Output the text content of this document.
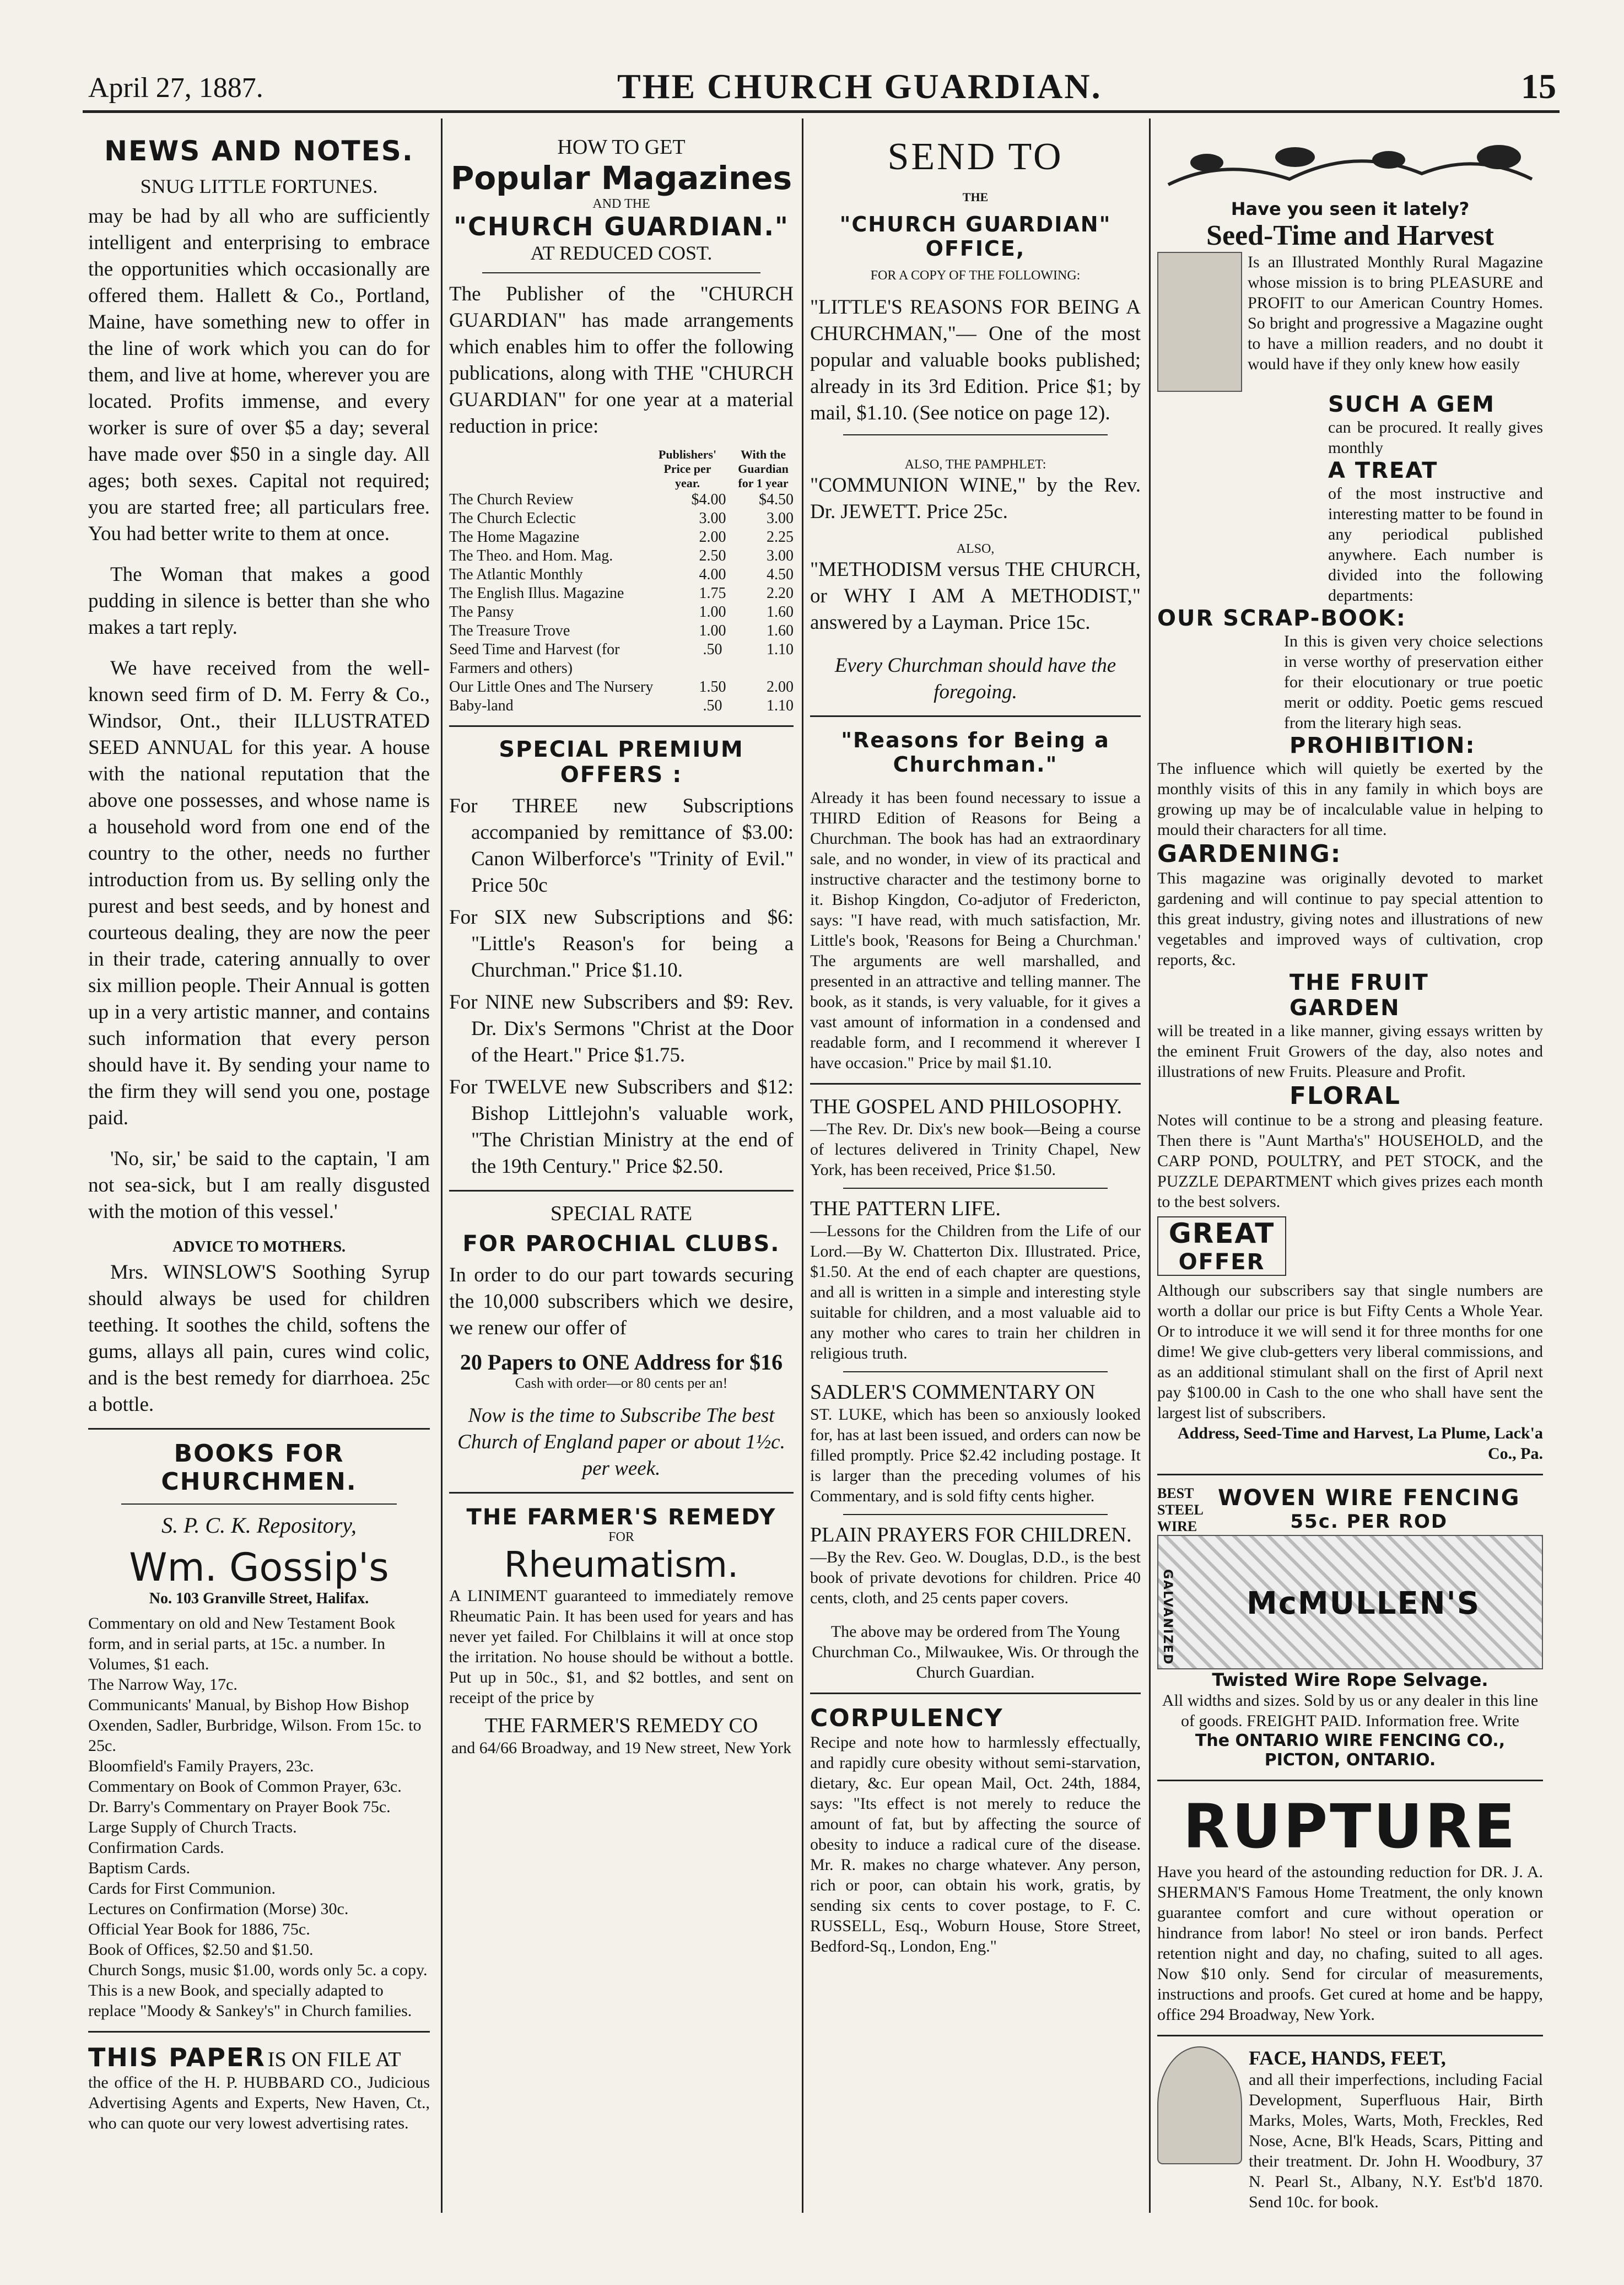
April 27, 1887.	THE CHURCH GUARDIAN.	15
NEWS AND NOTES.
SNUG LITTLE FORTUNES.

may be had by all who are sufficiently intelligent and enterprising to embrace the opportunities which occasionally are offered them. Hallett & Co., Portland, Maine, have something new to offer in the line of work which you can do for them, and live at home, wherever you are located. Profits immense, and every worker is sure of over $5 a day; several have made over $50 in a single day. All ages; both sexes. Capital not required; you are started free; all particulars free. You had better write to them at once.

The Woman that makes a good pudding in silence is better than she who makes a tart reply.

We have received from the well-known seed firm of D. M. Ferry & Co., Windsor, Ont., their ILLUSTRATED SEED ANNUAL for this year. A house with the national reputation that the above one possesses, and whose name is a household word from one end of the country to the other, needs no further introduction from us. By selling only the purest and best seeds, and by honest and courteous dealing, they are now the peer in their trade, catering annually to over six million people. Their Annual is gotten up in a very artistic manner, and contains such information that every person should have it. By sending your name to the firm they will send you one, postage paid.

'No, sir,' be said to the captain, 'I am not sea-sick, but I am really disgusted with the motion of this vessel.'

ADVICE TO MOTHERS.

Mrs. WINSLOW'S Soothing Syrup should always be used for children teething. It soothes the child, softens the gums, allays all pain, cures wind colic, and is the best remedy for diarrhoea. 25c a bottle.

BOOKS FOR CHURCHMEN.
S. P. C. K. Repository,
Wm. Gossip's
No. 103 Granville Street, Halifax.
Commentary on old and New Testament Book form, and in serial parts, at 15c. a number. In Volumes, $1 each.
The Narrow Way, 17c.
Communicants' Manual, by Bishop How Bishop Oxenden, Sadler, Burbridge, Wilson. From 15c. to 25c.
Bloomfield's Family Prayers, 23c.
Commentary on Book of Common Prayer, 63c.
Dr. Barry's Commentary on Prayer Book 75c.
Large Supply of Church Tracts.
Confirmation Cards.
Baptism Cards.
Cards for First Communion.
Lectures on Confirmation (Morse) 30c.
Official Year Book for 1886, 75c.
Book of Offices, $2.50 and $1.50.
Church Songs, music $1.00, words only 5c. a copy. This is a new Book, and specially adapted to replace "Moody & Sankey's" in Church families.
THIS PAPER IS ON FILE AT

the office of the H. P. HUBBARD CO., Judicious Advertising Agents and Experts, New Haven, Ct., who can quote our very lowest advertising rates.

HOW TO GET
Popular Magazines
AND THE
"CHURCH GUARDIAN."
AT REDUCED COST.

The Publisher of the "CHURCH GUARDIAN" has made arrangements which enables him to offer the following publications, along with THE "CHURCH GUARDIAN" for one year at a material reduction in price:

Publishers' Price per year.
With the Guardian for 1 year
The Church Review	$4.00 $4.50
The Church Eclectic	3.00	3.00
The Home Magazine	2.00	2.25
The Theo. and Hom. Mag.	2.50	3.00
The Atlantic Monthly	4.00	4.50
The English Illus. Magazine	1.75	2.20
The Pansy	1.00	1.60
The Treasure Trove	1.00	1.60
Seed Time and Harvest (for Farmers and others)
.50	1.10
Our Little Ones and The Nursery	1.50	2.00
Baby-land	.50	1.10
SPECIAL PREMIUM OFFERS :

For THREE new Subscriptions accompanied by remittance of $3.00: Canon Wilberforce's "Trinity of Evil." Price 50c

For SIX new Subscriptions and $6: "Little's Reason's for being a Churchman." Price $1.10.

For NINE new Subscribers and $9: Rev. Dr. Dix's Sermons "Christ at the Door of the Heart." Price $1.75.

For TWELVE new Subscribers and $12: Bishop Littlejohn's valuable work, "The Christian Ministry at the end of the 19th Century." Price $2.50.

SPECIAL RATE
FOR PAROCHIAL CLUBS.

In order to do our part towards securing the 10,000 subscribers which we desire, we renew our offer of

20 Papers to ONE Address for $16
Cash with order—or 80 cents per an!

Now is the time to Subscribe The best Church of England paper or about 1½c. per week.

THE FARMER'S REMEDY
FOR
Rheumatism.

A LINIMENT guaranteed to immediately remove Rheumatic Pain. It has been used for years and has never yet failed. For Chilblains it will at once stop the irritation. No house should be without a bottle. Put up in 50c., $1, and $2 bottles, and sent on receipt of the price by

THE FARMER'S REMEDY CO

and 64/66 Broadway, and 19 New street, New York

SEND TO
THE
"CHURCH GUARDIAN" OFFICE,
FOR A COPY OF THE FOLLOWING:

"LITTLE'S REASONS FOR BEING A CHURCHMAN,"— One of the most popular and valuable books published; already in its 3rd Edition. Price $1; by mail, $1.10. (See notice on page 12).

ALSO, THE PAMPHLET:

"COMMUNION WINE," by the Rev. Dr. JEWETT. Price 25c.

ALSO,

"METHODISM versus THE CHURCH, or WHY I AM A METHODIST," answered by a Layman. Price 15c.

Every Churchman should have the foregoing.

"Reasons for Being a Churchman."

Already it has been found necessary to issue a THIRD Edition of Reasons for Being a Churchman. The book has had an extraordinary sale, and no wonder, in view of its practical and instructive character and the testimony borne to it. Bishop Kingdon, Co-adjutor of Fredericton, says: "I have read, with much satisfaction, Mr. Little's book, 'Reasons for Being a Churchman.' The arguments are well marshalled, and presented in an attractive and telling manner. The book, as it stands, is very valuable, for it gives a vast amount of information in a condensed and readable form, and I recommend it wherever I have occasion." Price by mail $1.10.

THE GOSPEL AND PHILOSOPHY.

—The Rev. Dr. Dix's new book—Being a course of lectures delivered in Trinity Chapel, New York, has been received, Price $1.50.

THE PATTERN LIFE.

—Lessons for the Children from the Life of our Lord.—By W. Chatterton Dix. Illustrated. Price, $1.50. At the end of each chapter are questions, and all is written in a simple and interesting style suitable for children, and a most valuable aid to any mother who cares to train her children in religious truth.

SADLER'S COMMENTARY ON

ST. LUKE, which has been so anxiously looked for, has at last been issued, and orders can now be filled promptly. Price $2.42 including postage. It is larger than the preceding volumes of his Commentary, and is sold fifty cents higher.

PLAIN PRAYERS FOR CHILDREN.

—By the Rev. Geo. W. Douglas, D.D., is the best book of private devotions for children. Price 40 cents, cloth, and 25 cents paper covers.

The above may be ordered from The Young Churchman Co., Milwaukee, Wis. Or through the Church Guardian.

CORPULENCY

Recipe and note how to harmlessly effectually, and rapidly cure obesity without semi-starvation, dietary, &c. Eur opean Mail, Oct. 24th, 1884, says: "Its effect is not merely to reduce the amount of fat, but by affecting the source of obesity to induce a radical cure of the disease. Mr. R. makes no charge whatever. Any person, rich or poor, can obtain his work, gratis, by sending six cents to cover postage, to F. C. RUSSELL, Esq., Woburn House, Store Street, Bedford-Sq., London, Eng."

Have you seen it lately?
Seed-Time and Harvest

Is an Illustrated Monthly Rural Magazine whose mission is to bring PLEASURE and PROFIT to our American Country Homes. So bright and progressive a Magazine ought to have a million readers, and no doubt it would have if they only knew how easily

SUCH A GEM

can be procured. It really gives monthly

A TREAT

of the most instructive and interesting matter to be found in any periodical published anywhere. Each number is divided into the following departments:

OUR SCRAP-BOOK:

In this is given very choice selections in verse worthy of preservation either for their elocutionary or true poetic merit or oddity. Poetic gems rescued from the literary high seas.

PROHIBITION:

The influence which will quietly be exerted by the monthly visits of this in any family in which boys are growing up may be of incalculable value in helping to mould their characters for all time.

GARDENING:

This magazine was originally devoted to market gardening and will continue to pay special attention to this great industry, giving notes and illustrations of new vegetables and improved ways of cultivation, crop reports, &c.

THE FRUIT GARDEN

will be treated in a like manner, giving essays written by the eminent Fruit Growers of the day, also notes and illustrations of new Fruits. Pleasure and Profit.

FLORAL

Notes will continue to be a strong and pleasing feature. Then there is "Aunt Martha's" HOUSEHOLD, and the CARP POND, POULTRY, and PET STOCK, and the PUZZLE DEPARTMENT which gives prizes each month to the best solvers.

GREAT
OFFER

Although our subscribers say that single numbers are worth a dollar our price is but Fifty Cents a Whole Year. Or to introduce it we will send it for three months for one dime! We give club-getters very liberal commissions, and as an additional stimulant shall on the first of April next pay $100.00 in Cash to the one who shall have sent the largest list of subscribers.

Address, Seed-Time and Harvest, La Plume, Lack'a Co., Pa.

BEST STEEL WIRE
WOVEN WIRE FENCING
55c. PER ROD
GALVANIZED McMULLEN'S
Twisted Wire Rope Selvage.

All widths and sizes. Sold by us or any dealer in this line of goods. FREIGHT PAID. Information free. Write

The ONTARIO WIRE FENCING CO., PICTON, ONTARIO.
RUPTURE

Have you heard of the astounding reduction for DR. J. A. SHERMAN'S Famous Home Treatment, the only known guarantee comfort and cure without operation or hindrance from labor! No steel or iron bands. Perfect retention night and day, no chafing, suited to all ages. Now $10 only. Send for circular of measurements, instructions and proofs. Get cured at home and be happy, office 294 Broadway, New York.

FACE, HANDS, FEET,

and all their imperfections, including Facial Development, Superfluous Hair, Birth Marks, Moles, Warts, Moth, Freckles, Red Nose, Acne, Bl'k Heads, Scars, Pitting and their treatment. Dr. John H. Woodbury, 37 N. Pearl St., Albany, N.Y. Est'b'd 1870. Send 10c. for book.
